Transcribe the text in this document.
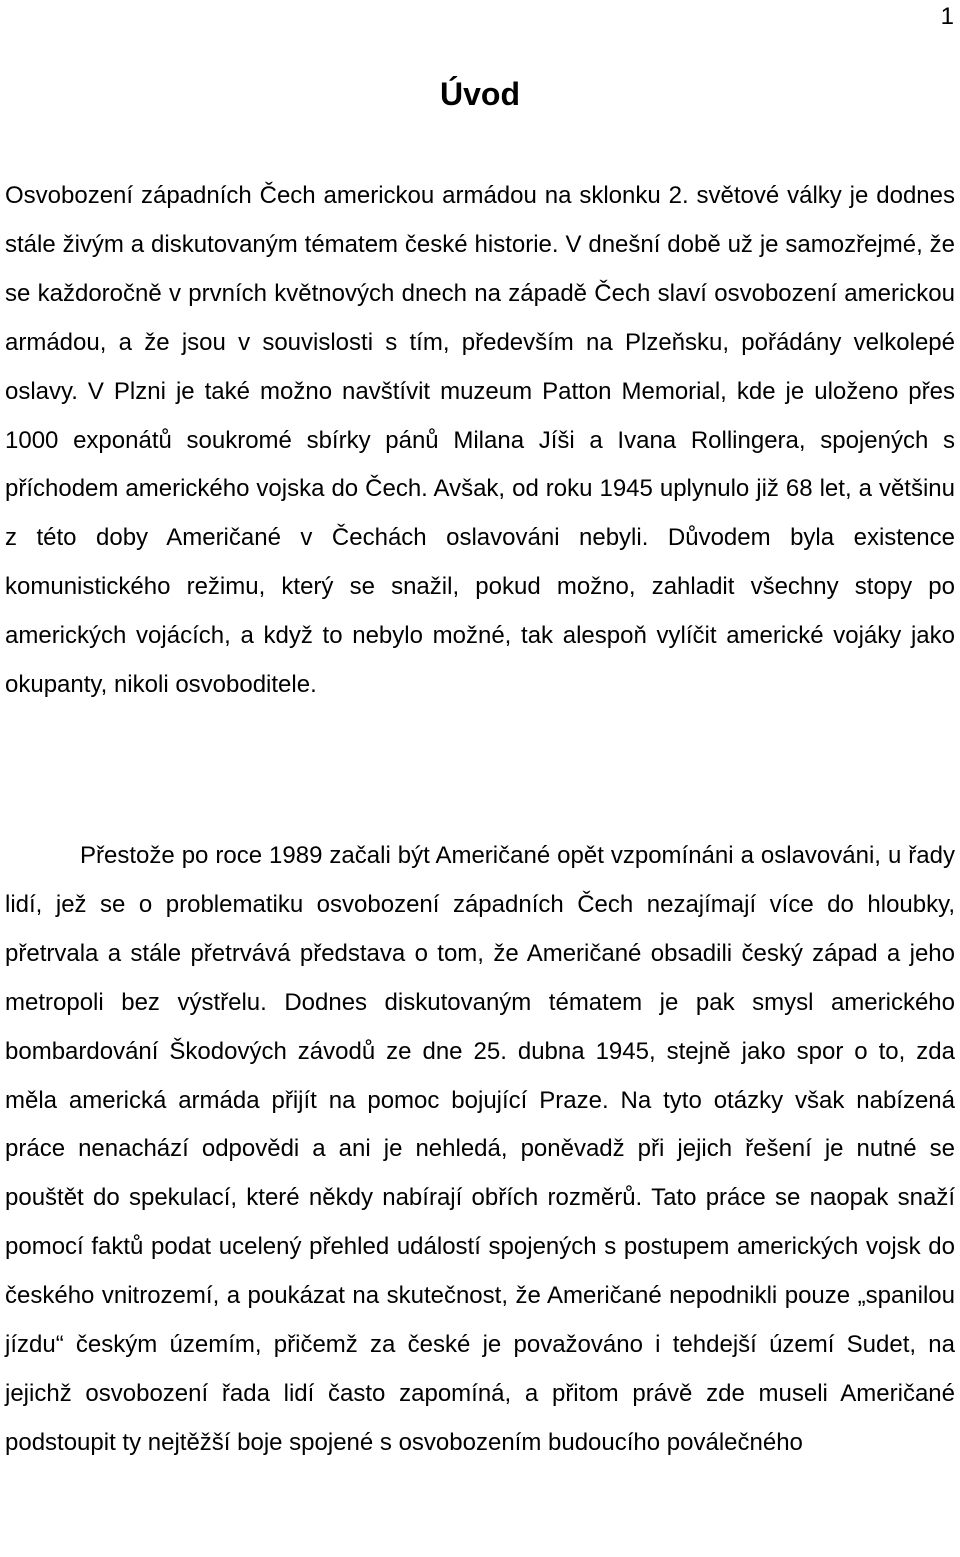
1
Úvod

Osvobození západních Čech americkou armádou na sklonku 2. světové války je dodnes stále živým a diskutovaným tématem české historie. V dnešní době už je samozřejmé, že se každoročně v prvních květnových dnech na západě Čech slaví osvobození americkou armádou, a že jsou v souvislosti s tím, především na Plzeňsku, pořádány velkolepé oslavy. V Plzni je také možno navštívit muzeum Patton Memorial, kde je uloženo přes 1000 exponátů soukromé sbírky pánů Milana Jíši a Ivana Rollingera, spojených s příchodem amerického vojska do Čech. Avšak, od roku 1945 uplynulo již 68 let, a většinu z této doby Američané v Čechách oslavováni nebyli. Důvodem byla existence komunistického režimu, který se snažil, pokud možno, zahladit všechny stopy po amerických vojácích, a když to nebylo možné, tak alespoň vylíčit americké vojáky jako okupanty, nikoli osvoboditele.

Přestože po roce 1989 začali být Američané opět vzpomínáni a oslavováni, u řady lidí, jež se o problematiku osvobození západních Čech nezajímají více do hloubky, přetrvala a stále přetrvává představa o tom, že Američané obsadili český západ a jeho metropoli bez výstřelu. Dodnes diskutovaným tématem je pak smysl amerického bombardování Škodových závodů ze dne 25. dubna 1945, stejně jako spor o to, zda měla americká armáda přijít na pomoc bojující Praze. Na tyto otázky však nabízená práce nenachází odpovědi a ani je nehledá, poněvadž při jejich řešení je nutné se pouštět do spekulací, které někdy nabírají obřích rozměrů. Tato práce se naopak snaží pomocí faktů podat ucelený přehled událostí spojených s postupem amerických vojsk do českého vnitrozemí, a poukázat na skutečnost, že Američané nepodnikli pouze „spanilou jízdu“ českým územím, přičemž za české je považováno i tehdejší území Sudet, na jejichž osvobození řada lidí často zapomíná, a přitom právě zde museli Američané podstoupit ty nejtěžší boje spojené s osvobozením budoucího poválečného
